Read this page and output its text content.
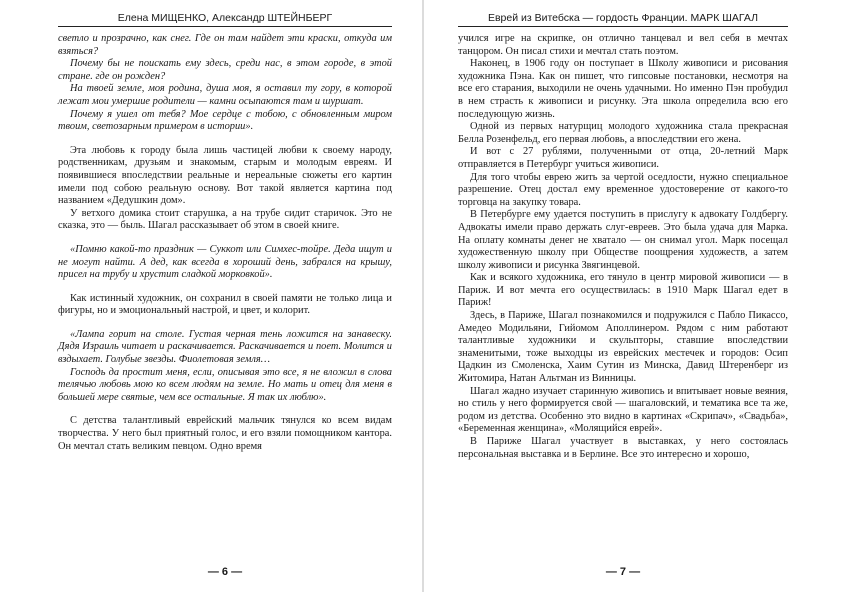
Елена МИЩЕНКО, Александр ШТЕЙНБЕРГ

светло и прозрачно, как снег. Где он там найдет эти краски, откуда им взяться?

Почему бы не поискать ему здесь, среди нас, в этом городе, в этой стране. где он рожден?

На твоей земле, моя родина, душа моя, я оставил ту гору, в которой лежат мои умершие родители — камни осыпаются там и шуршат.

Почему я ушел от тебя? Мое сердце с тобою, с обновленным миром твоим, светозарным примером в истории».

Эта любовь к городу была лишь частицей любви к своему народу, родственникам, друзьям и знакомым, старым и молодым евреям. И появившиеся впоследствии реальные и нереальные сюжеты его картин имели под собою реальную основу. Вот такой является картина под названием «Дедушкин дом».

У ветхого домика стоит старушка, а на трубе сидит старичок. Это не сказка, это — быль. Шагал рассказывает об этом в своей книге.

«Помню какой-то праздник — Суккот или Симхес-тойре. Деда ищут и не могут найти. А дед, как всегда в хороший день, забрался на крышу, присел на трубу и хрустит сладкой морковкой».

Как истинный художник, он сохранил в своей памяти не только лица и фигуры, но и эмоциональный настрой, и цвет, и колорит.

«Лампа горит на столе. Густая черная тень ложится на занавеску. Дядя Израиль читает и раскачивается. Раскачивается и поет. Молится и вздыхает. Голубые звезды. Фиолетовая земля…

Господь да простит меня, если, описывая это все, я не вложил в слова телячью любовь мою ко всем людям на земле. Но мать и отец для меня в большей мере святые, чем все остальные. Я так их люблю».

С детства талантливый еврейский мальчик тянулся ко всем видам творчества. У него был приятный голос, и его взяли помощником кантора. Он мечтал стать великим певцом. Одно время

— 6 —
Еврей из Витебска — гордость Франции. МАРК ШАГАЛ

учился игре на скрипке, он отлично танцевал и вел себя в мечтах танцором. Он писал стихи и мечтал стать поэтом.

Наконец, в 1906 году он поступает в Школу живописи и рисования художника Пэна. Как он пишет, что гипсовые постановки, несмотря на все его старания, выходили не очень удачными. Но именно Пэн пробудил в нем страсть к живописи и рисунку. Эта школа определила всю его последующую жизнь.

Одной из первых натурщиц молодого художника стала прекрасная Белла Розенфельд, его первая любовь, а впоследствии его жена.

И вот с 27 рублями, полученными от отца, 20-летний Марк отправляется в Петербург учиться живописи.

Для того чтобы еврею жить за чертой оседлости, нужно специальное разрешение. Отец достал ему временное удостоверение от какого-то торговца на закупку товара.

В Петербурге ему удается поступить в прислугу к адвокату Голдбергу. Адвокаты имели право держать слуг-евреев. Это была удача для Марка. На оплату комнаты денег не хватало — он снимал угол. Марк посещал художественную школу при Обществе поощрения художеств, а затем школу живописи и рисунка Звягинцевой.

Как и всякого художника, его тянуло в центр мировой живописи — в Париж. И вот мечта его осуществилась: в 1910 Марк Шагал едет в Париж!

Здесь, в Париже, Шагал познакомился и подружился с Пабло Пикассо, Амедео Модильяни, Гийомом Аполлинером. Рядом с ним работают талантливые художники и скульпторы, ставшие впоследствии знаменитыми, тоже выходцы из еврейских местечек и городов: Осип Цадкин из Смоленска, Хаим Сутин из Минска, Давид Штеренберг из Житомира, Натан Альтман из Винницы.

Шагал жадно изучает старинную живопись и впитывает новые веяния, но стиль у него формируется свой — шагаловский, и тематика все та же, родом из детства. Особенно это видно в картинах «Скрипач», «Свадьба», «Беременная женщина», «Молящийся еврей».

В Париже Шагал участвует в выставках, у него состоялась персональная выставка и в Берлине. Все это интересно и хорошо,

— 7 —
